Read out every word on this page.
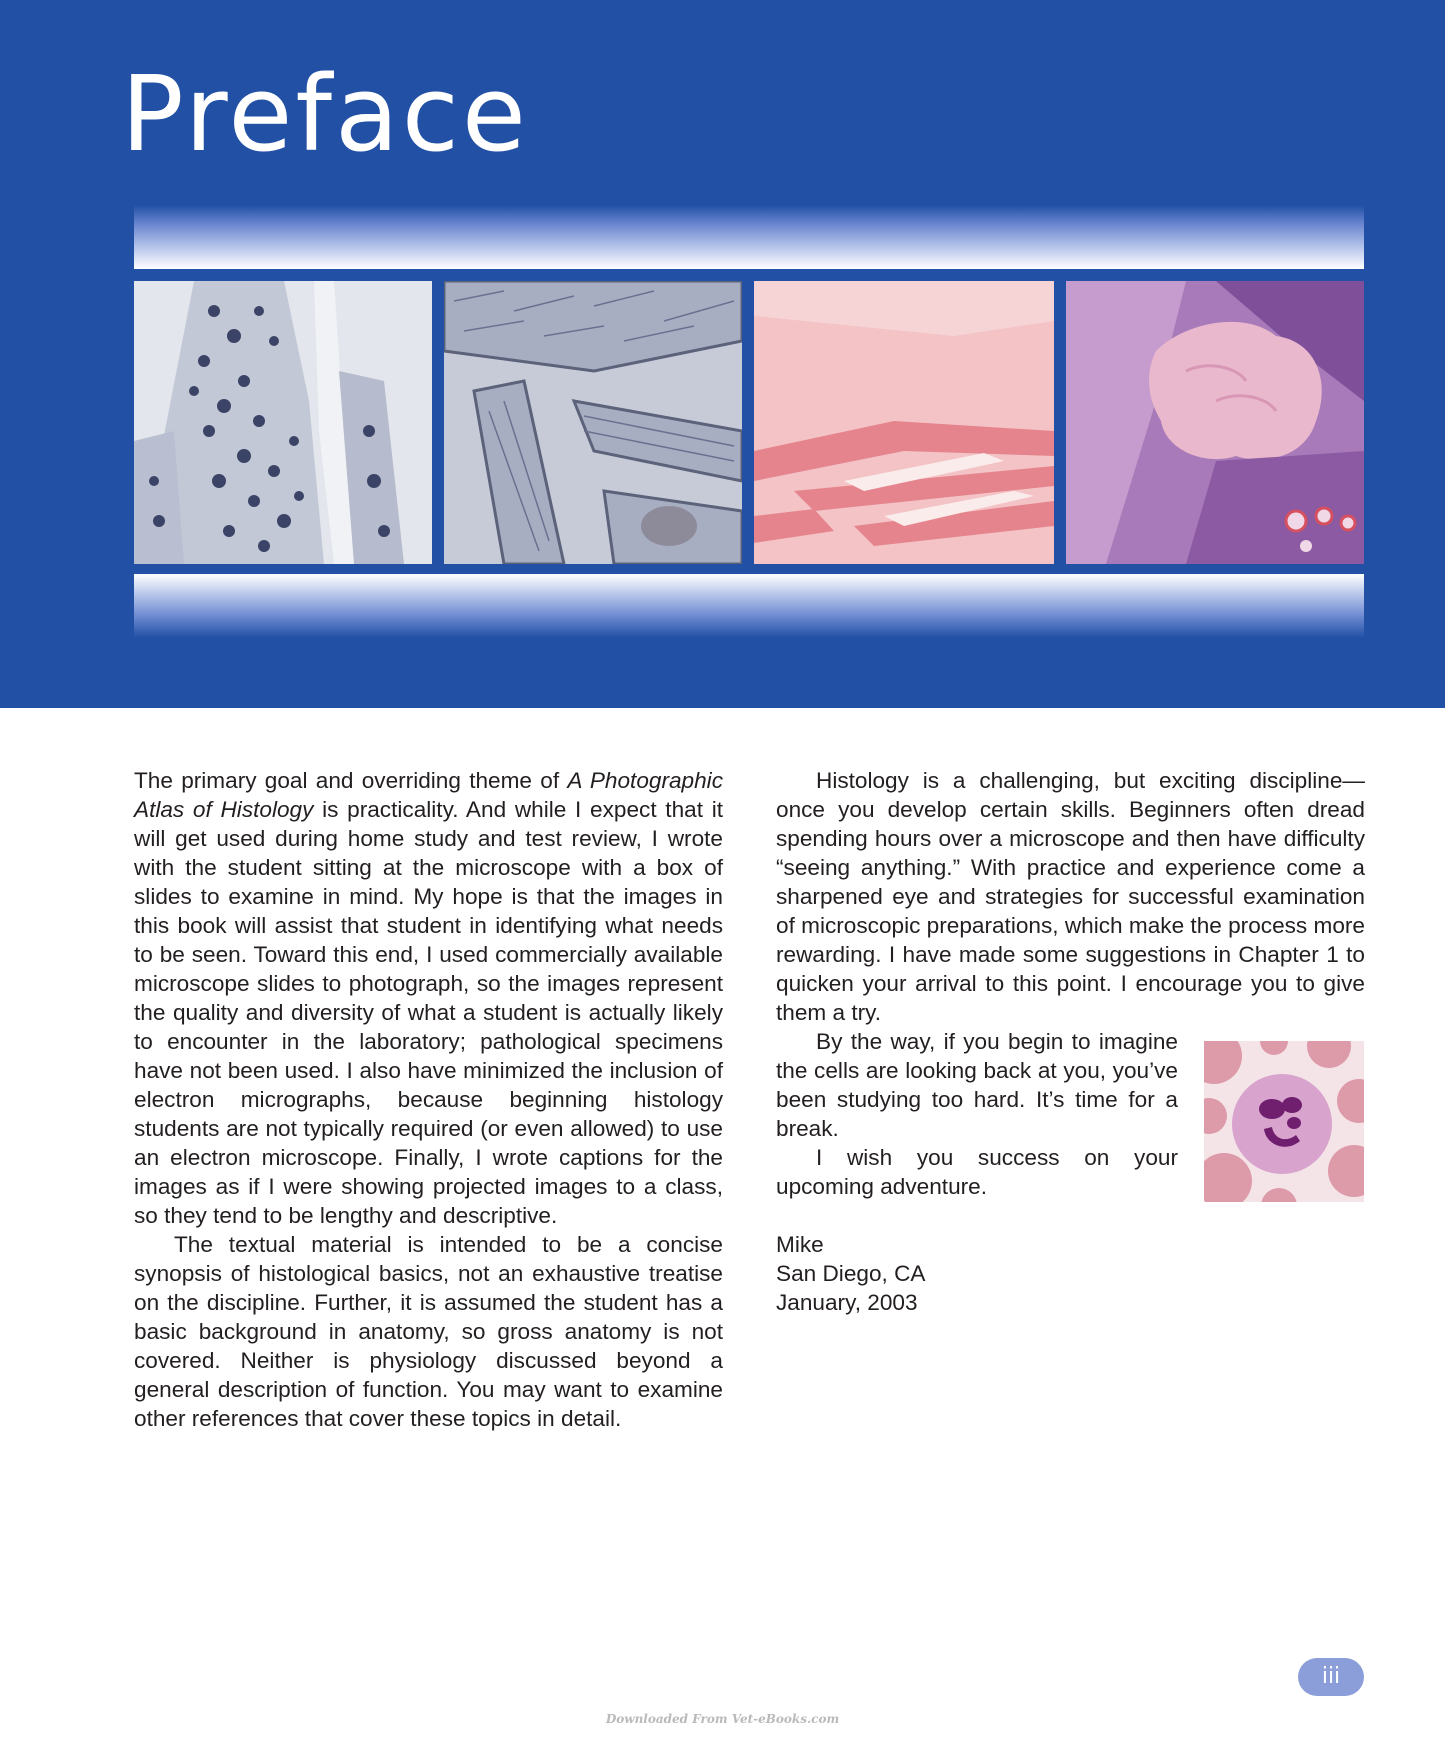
Preface

The primary goal and overriding theme of A Photographic Atlas of Histology is practicality. And while I expect that it will get used during home study and test review, I wrote with the student sitting at the microscope with a box of slides to examine in mind. My hope is that the images in this book will assist that student in identifying what needs to be seen. Toward this end, I used commercially available microscope slides to photograph, so the images represent the quality and diversity of what a student is actually likely to encounter in the laboratory; pathological specimens have not been used. I also have minimized the inclusion of electron micrographs, because beginning histology students are not typically required (or even allowed) to use an electron microscope. Finally, I wrote captions for the images as if I were showing projected images to a class, so they tend to be lengthy and descriptive.

The textual material is intended to be a concise synopsis of histological basics, not an exhaustive treatise on the discipline. Further, it is assumed the student has a basic background in anatomy, so gross anatomy is not covered. Neither is physiology discussed beyond a general description of function. You may want to examine other references that cover these topics in detail.

Histology is a challenging, but exciting discipline—once you develop certain skills. Beginners often dread spending hours over a microscope and then have difficulty “seeing anything.” With practice and experience come a sharpened eye and strategies for successful examination of microscopic preparations, which make the process more rewarding. I have made some suggestions in Chapter 1 to quicken your arrival to this point. I encourage you to give them a try.

By the way, if you begin to imagine the cells are looking back at you, you’ve been studying too hard. It’s time for a break.

I wish you success on your upcoming adventure.

Mike
San Diego, CA
January, 2003
iii
Downloaded From Vet-eBooks.com
